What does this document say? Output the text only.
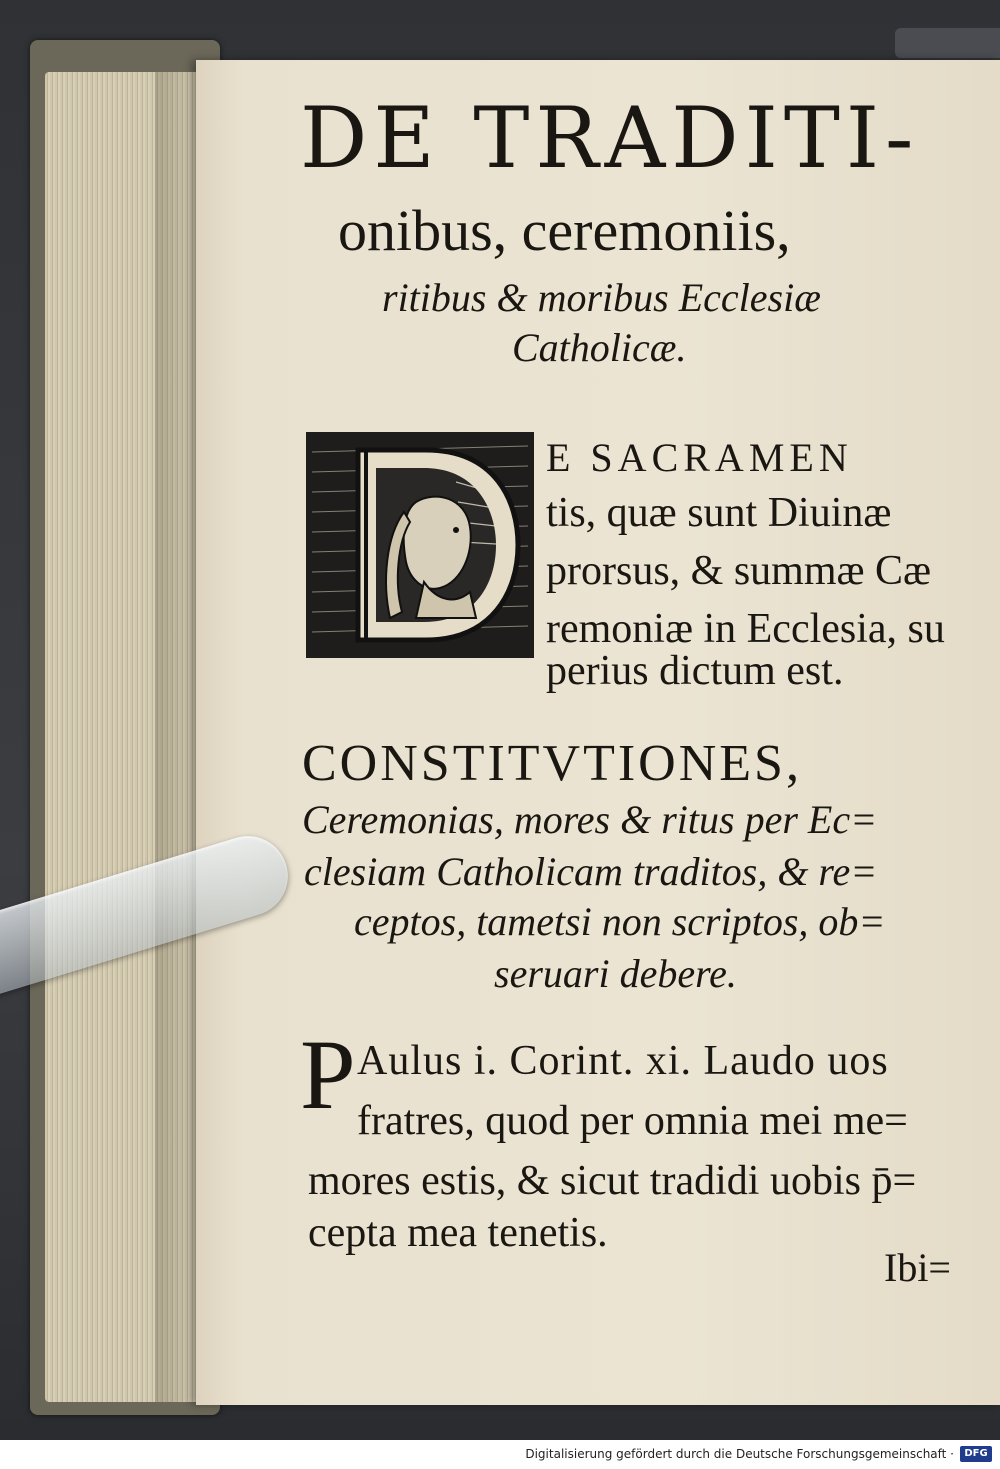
DE TRADITI-
onibus, ceremoniis,
ritibus & moribus Ecclesiæ
Catholicæ.
E SACRAMEN
tis, quæ sunt Diuinæ
prorsus, & summæ Cæ
remoniæ in Ecclesia, su
perius dictum est.
CONSTITVTIONES,
Ceremonias, mores & ritus per Ec=
clesiam Catholicam traditos, & re=
ceptos, tametsi non scriptos, ob=
seruari debere.
P Aulus i. Corint. xi. Laudo uos
fratres, quod per omnia mei me=
mores estis, & sicut tradidi uobis p̄=
cepta mea tenetis.
Ibi=
Digitalisierung gefördert durch die Deutsche Forschungsgemeinschaft ·	DFG
